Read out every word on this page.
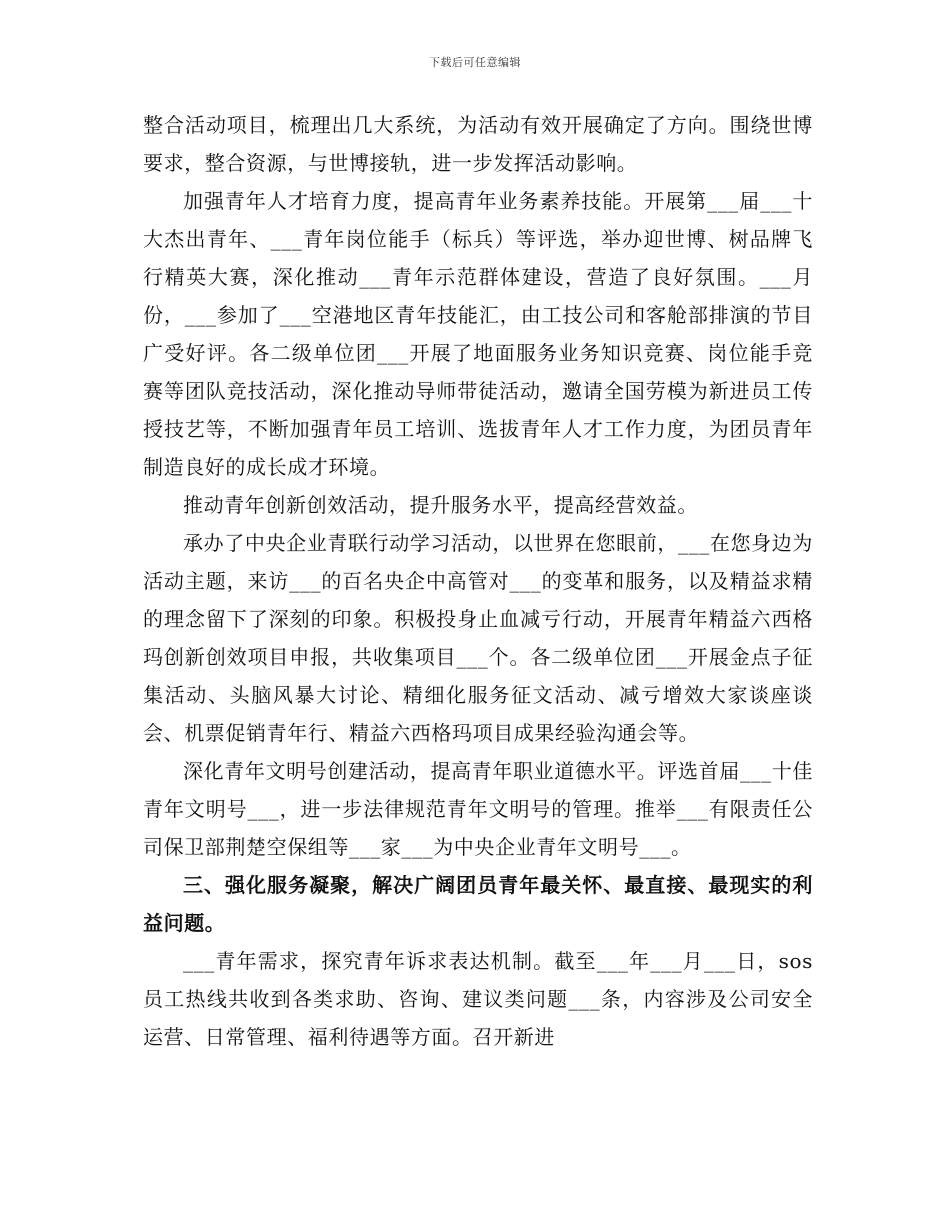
下载后可任意编辑

整合活动项目，梳理出几大系统，为活动有效开展确定了方向。围绕世博要求，整合资源，与世博接轨，进一步发挥活动影响。

加强青年人才培育力度，提高青年业务素养技能。开展第___届___十大杰出青年、___青年岗位能手（标兵）等评选，举办迎世博、树品牌飞行精英大赛，深化推动___青年示范群体建设，营造了良好氛围。___月份，___参加了___空港地区青年技能汇，由工技公司和客舱部排演的节目广受好评。各二级单位团___开展了地面服务业务知识竞赛、岗位能手竞赛等团队竞技活动，深化推动导师带徒活动，邀请全国劳模为新进员工传授技艺等，不断加强青年员工培训、选拔青年人才工作力度，为团员青年制造良好的成长成才环境。

推动青年创新创效活动，提升服务水平，提高经营效益。

承办了中央企业青联行动学习活动，以世界在您眼前，___在您身边为活动主题，来访___的百名央企中高管对___的变革和服务，以及精益求精的理念留下了深刻的印象。积极投身止血减亏行动，开展青年精益六西格玛创新创效项目申报，共收集项目___个。各二级单位团___开展金点子征集活动、头脑风暴大讨论、精细化服务征文活动、减亏增效大家谈座谈会、机票促销青年行、精益六西格玛项目成果经验沟通会等。

深化青年文明号创建活动，提高青年职业道德水平。评选首届___十佳青年文明号___，进一步法律规范青年文明号的管理。推举___有限责任公司保卫部荆楚空保组等___家___为中央企业青年文明号___。

三、强化服务凝聚，解决广阔团员青年最关怀、最直接、最现实的利益问题。

___青年需求，探究青年诉求表达机制。截至___年___月___日，sos员工热线共收到各类求助、咨询、建议类问题___条，内容涉及公司安全运营、日常管理、福利待遇等方面。召开新进
